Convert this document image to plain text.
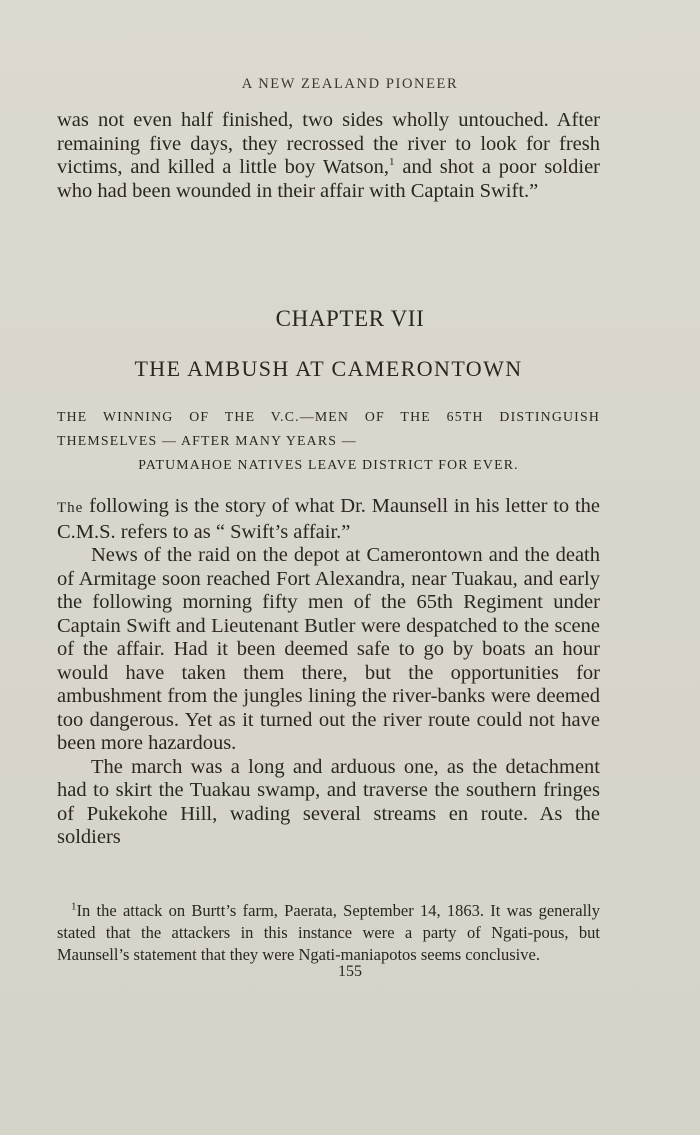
A NEW ZEALAND PIONEER

was not even half finished, two sides wholly untouched. After remaining five days, they recrossed the river to look for fresh victims, and killed a little boy Watson,$^1$ and shot a poor soldier who had been wounded in their affair with Captain Swift.”

CHAPTER VII
THE AMBUSH AT CAMERONTOWN
THE WINNING OF THE V.C.—MEN OF THE 65TH DISTINGUISH THEMSELVES — AFTER MANY YEARS —
PATUMAHOE NATIVES LEAVE DISTRICT FOR EVER.

The following is the story of what Dr. Maunsell in his letter to the C.M.S. refers to as “ Swift’s affair.”

News of the raid on the depot at Camerontown and the death of Armitage soon reached Fort Alexandra, near Tuakau, and early the following morning fifty men of the 65th Regiment under Captain Swift and Lieutenant Butler were despatched to the scene of the affair. Had it been deemed safe to go by boats an hour would have taken them there, but the opportunities for ambushment from the jungles lining the river-banks were deemed too dangerous. Yet as it turned out the river route could not have been more hazardous.

The march was a long and arduous one, as the detachment had to skirt the Tuakau swamp, and traverse the southern fringes of Pukekohe Hill, wading several streams en route. As the soldiers

$^1$In the attack on Burtt’s farm, Paerata, September 14, 1863. It was generally stated that the attackers in this instance were a party of Ngati-pous, but Maunsell’s statement that they were Ngati-maniapotos seems conclusive.

155
